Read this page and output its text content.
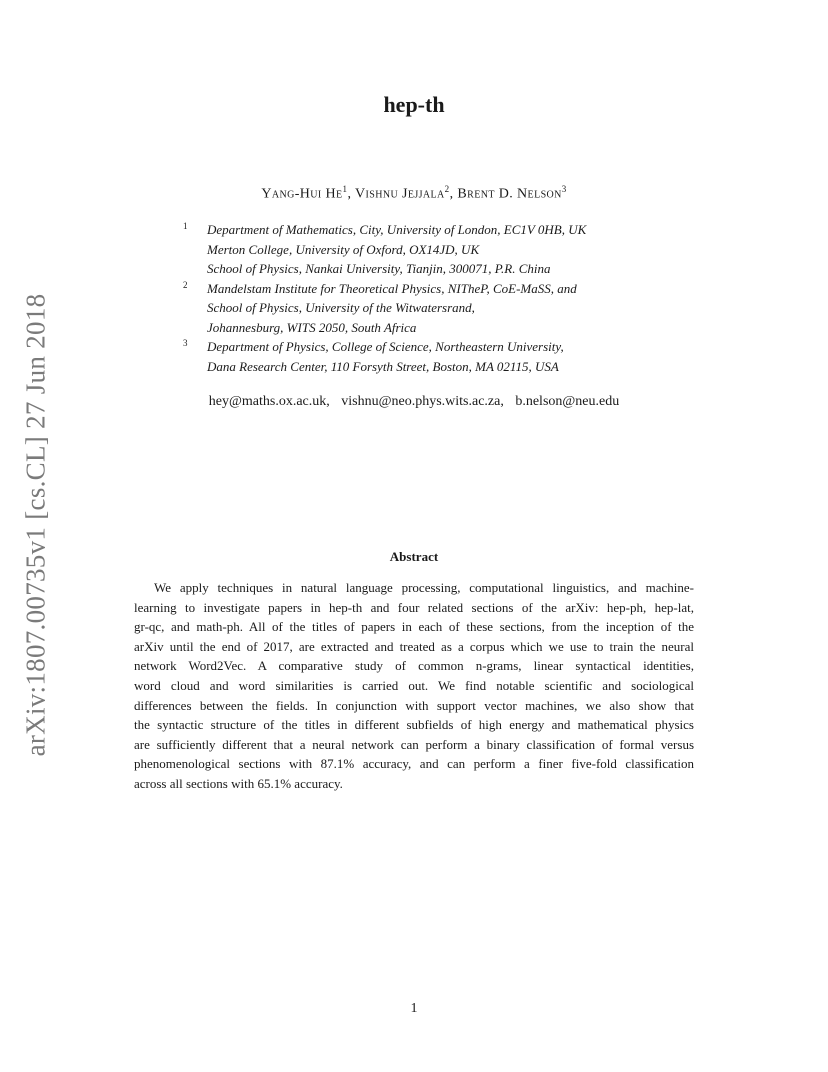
arXiv:1807.00735v1 [cs.CL] 27 Jun 2018
hep-th
Yang-Hui He$^1$, Vishnu Jejjala$^2$, Brent D. Nelson$^3$
1 Department of Mathematics, City, University of London, EC1V 0HB, UK
Merton College, University of Oxford, OX14JD, UK
School of Physics, Nankai University, Tianjin, 300071, P.R. China
2 Mandelstam Institute for Theoretical Physics, NITheP, CoE-MaSS, and
School of Physics, University of the Witwatersrand,
Johannesburg, WITS 2050, South Africa
3 Department of Physics, College of Science, Northeastern University,
Dana Research Center, 110 Forsyth Street, Boston, MA 02115, USA
hey@maths.ox.ac.uk, vishnu@neo.phys.wits.ac.za, b.nelson@neu.edu
Abstract
We apply techniques in natural language processing, computational linguistics, and machine-
learning to investigate papers in hep-th and four related sections of the arXiv: hep-ph, hep-lat,
gr-qc, and math-ph. All of the titles of papers in each of these sections, from the inception of the
arXiv until the end of 2017, are extracted and treated as a corpus which we use to train the neural
network Word2Vec. A comparative study of common n-grams, linear syntactical identities,
word cloud and word similarities is carried out. We find notable scientific and sociological
differences between the fields. In conjunction with support vector machines, we also show that
the syntactic structure of the titles in different subfields of high energy and mathematical physics
are sufficiently different that a neural network can perform a binary classification of formal versus
phenomenological sections with 87.1% accuracy, and can perform a finer five-fold classification
across all sections with 65.1% accuracy.
1
